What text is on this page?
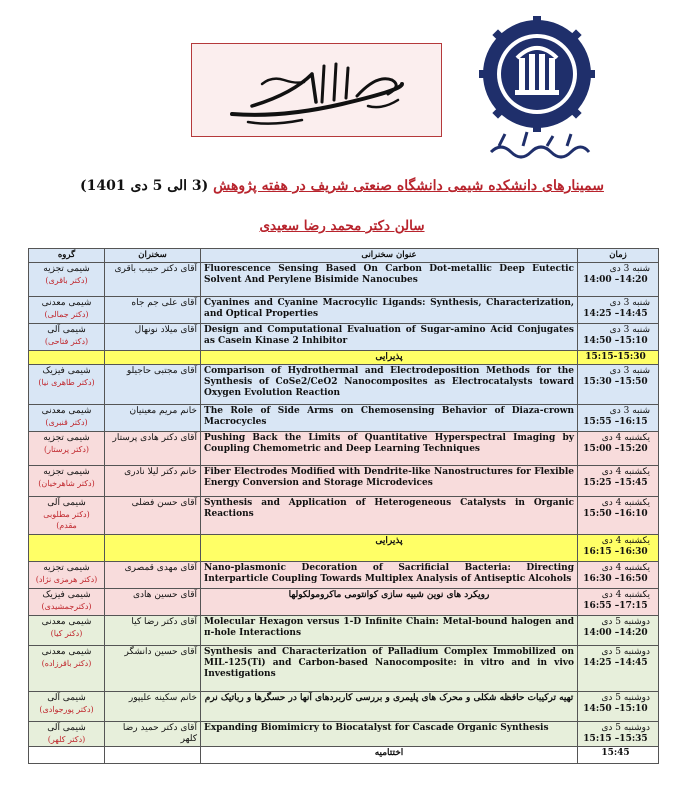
سمینارهای دانشکده شیمی دانشگاه صنعتی شریف در هفته پژوهش (3 الی 5 دی 1401)
سالن دکتر محمد رضا سعیدی
زمان	عنوان سخنرانی	سخنران	گروه

شنبه 3 دی
14:00 –14:20	Fluorescence Sensing Based On Carbon Dot-metallic Deep Eutectic Solvent And Perylene Bisimide Nanocubes	آقای دکتر حبیب باقری	شیمی تجزیه
(دکتر باقری)

شنبه 3 دی
14:25 –14:45	Cyanines and Cyanine Macrocylic Ligands: Synthesis, Characterization, and Optical Properties	آقای علی جم جاه	شیمی معدنی
(دکتر جمالی)

شنبه 3 دی
14:50 –15:10	Design and Computational Evaluation of Sugar-amino Acid Conjugates as Casein Kinase 2 Inhibitor	آقای میلاد نونهال	شیمی آلی
(دکتر فتاحی)

15:15-15:30	پذیرایی		

شنبه 3 دی
15:30 –15:50	Comparison of Hydrothermal and Electrodeposition Methods for the Synthesis of CoSe2/CeO2 Nanocomposites as Electrocatalysts toward Oxygen Evolution Reaction	آقای مجتبی حاجیلو	شیمی فیزیک
(دکتر طاهری نیا)

شنبه 3 دی
15:55 –16:15	The Role of Side Arms on Chemosensing Behavior of Diaza-crown Macrocycles	خانم مریم معینیان	شیمی معدنی
(دکتر قنبری)

یکشنبه 4 دی
15:00 –15:20	Pushing Back the Limits of Quantitative Hyperspectral Imaging by Coupling Chemometric and Deep Learning Techniques	آقای دکتر هادی پرستار	شیمی تجزیه
(دکتر پرستار)

یکشنبه 4 دی
15:25 –15:45	Fiber Electrodes Modified with Dendrite-like Nanostructures for Flexible Energy Conversion and Storage Microdevices	خانم دکتر لیلا نادری	شیمی تجزیه
(دکتر شاهرخیان)

یکشنبه 4 دی
15:50 –16:10	Synthesis and Application of Heterogeneous Catalysts in Organic Reactions	آقای حسن فضلی	شیمی آلی
(دکتر مطلوبی مقدم)

یکشنبه 4 دی
16:15 –16:30	پذیرایی		

یکشنبه 4 دی
16:30 –16:50	Nano-plasmonic Decoration of Sacrificial Bacteria: Directing Interparticle Coupling Towards Multiplex Analysis of Antiseptic Alcohols	آقای مهدی قمصری	شیمی تجزیه
(دکتر هرمزی نژاد)

یکشنبه 4 دی
16:55 –17:15	رویکرد های نوین شبیه سازی کوانتومی ماکرومولکولها	آقای حسین هادی	شیمی فیزیک
(دکترجمشیدی)

دوشنبه 5 دی
14:00 –14:20	Molecular Hexagon versus 1-D Infinite Chain: Metal-bound halogen and π-hole Interactions	آقای دکتر رضا کیا	شیمی معدنی
(دکتر کیا)

دوشنبه 5 دی
14:25 –14:45	Synthesis and Characterization of Palladium Complex Immobilized on MIL-125(Ti) and Carbon-based Nanocomposite: in vitro and in vivo Investigations	آقای حسین دانشگر	شیمی معدنی
(دکتر باقرزاده)

دوشنبه 5 دی
14:50 –15:10	تهیه ترکیبات حافظه شکلی و محرک های پلیمری و بررسی کاربردهای آنها در حسگرها و رباتیک نرم	خانم سکینه علیپور	شیمی آلی
(دکتر پورجوادی)

دوشنبه 5 دی
15:15 –15:35	Expanding Biomimicry to Biocatalyst for Cascade Organic Synthesis	آقای دکتر حمید رضا کلهر	شیمی آلی
(دکتر کلهر)

15:45	اختتامیه		
